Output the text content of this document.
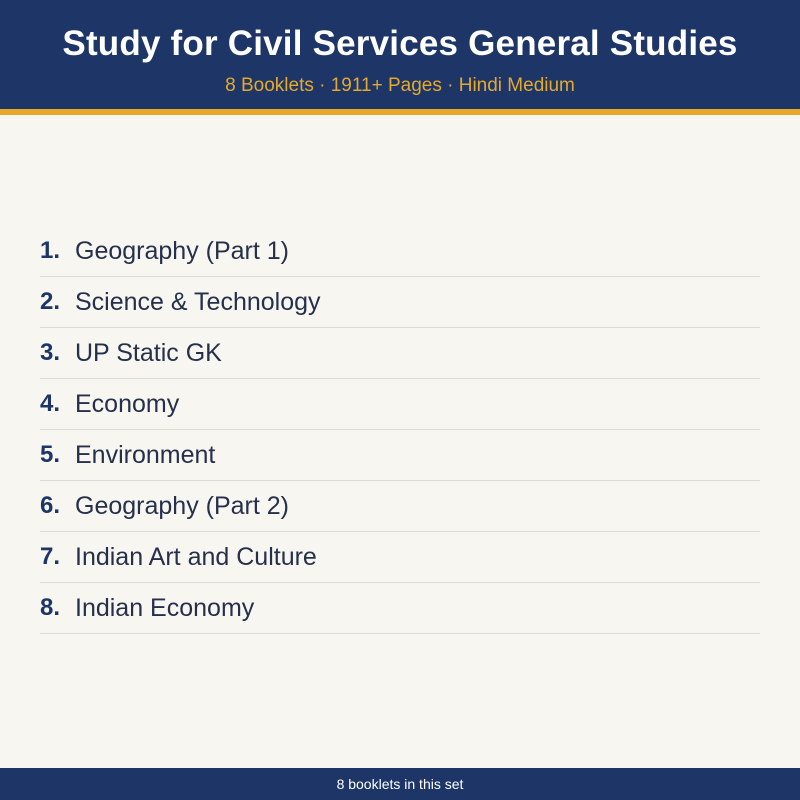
Study for Civil Services General Studies
8 Booklets · 1911+ Pages · Hindi Medium
1. Geography (Part 1)
2. Science & Technology
3. UP Static GK
4. Economy
5. Environment
6. Geography (Part 2)
7. Indian Art and Culture
8. Indian Economy
8 booklets in this set
